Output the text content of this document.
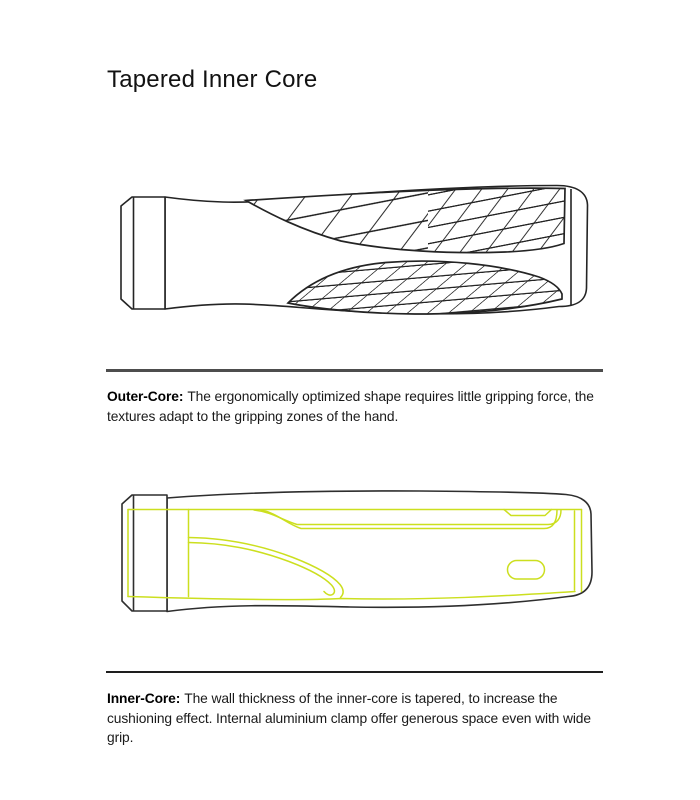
Tapered Inner Core

Outer-Core: The ergonomically optimized shape requires little gripping force, the textures adapt to the gripping zones of the hand.

Inner-Core: The wall thickness of the inner-core is tapered, to increase the cushioning effect. Internal aluminium clamp offer generous space even with wide grip.
